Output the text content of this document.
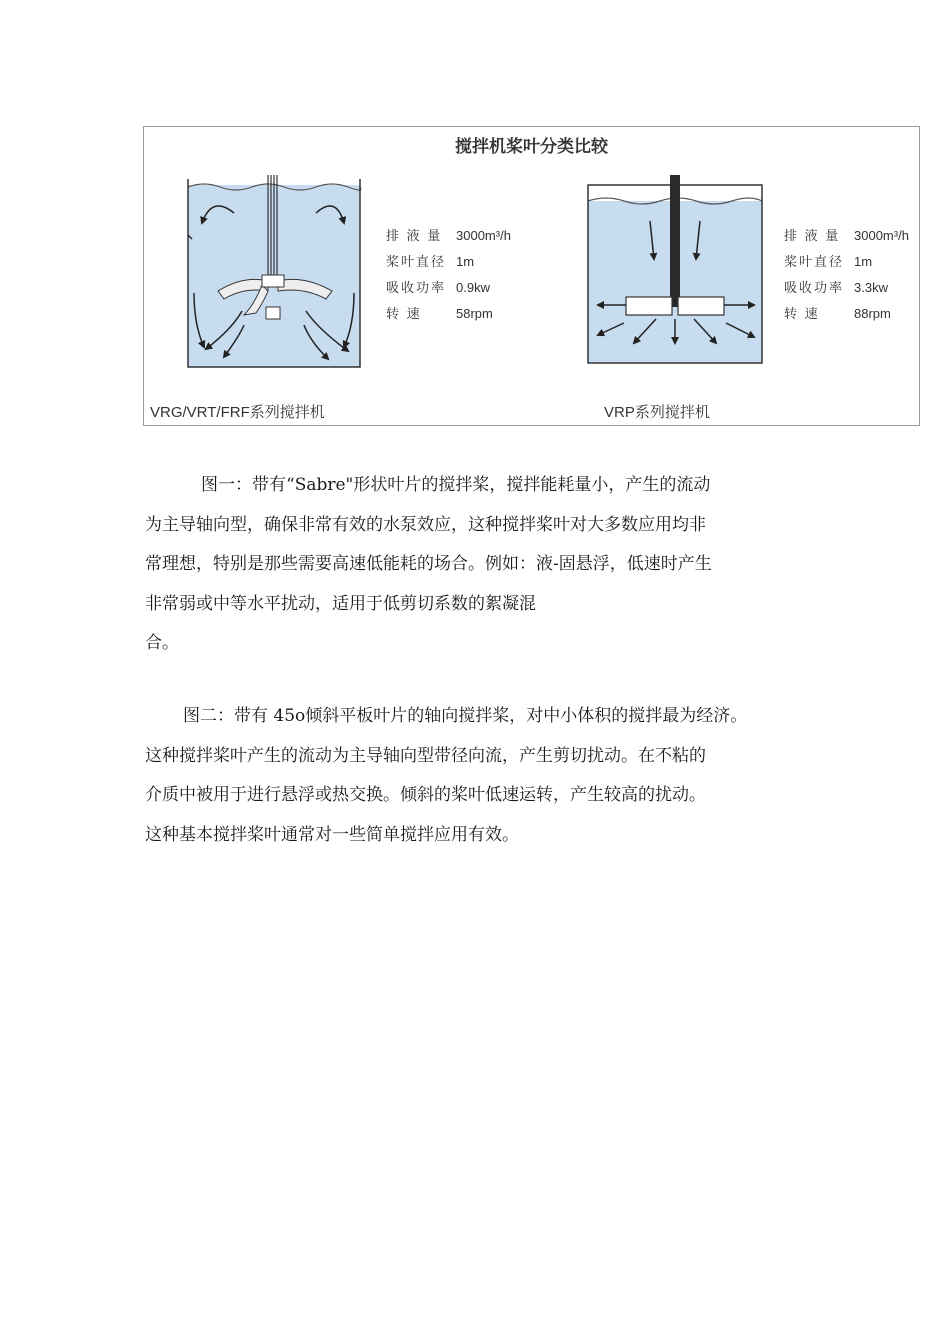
搅拌机桨叶分类比较
排 液 量	3000m³/h
桨叶直径 1m
吸收功率 0.9kw
转 速	58rpm
VRG/VRT/FRF系列搅拌机
排 液 量	3000m³/h
桨叶直径 1m
吸收功率 3.3kw
转 速	88rpm
VRP系列搅拌机

图一：带有“Sabre"形状叶片的搅拌桨，搅拌能耗量小，产生的流动

为主导轴向型，确保非常有效的水泵效应，这种搅拌桨叶对大多数应用均非

常理想，特别是那些需要高速低能耗的场合。例如：液-固悬浮，低速时产生

非常弱或中等水平扰动，适用于低剪切系数的絮凝混

合。

图二：带有 45o倾斜平板叶片的轴向搅拌桨，对中小体积的搅拌最为经济。

这种搅拌桨叶产生的流动为主导轴向型带径向流，产生剪切扰动。在不粘的

介质中被用于进行悬浮或热交换。倾斜的桨叶低速运转，产生较高的扰动。

这种基本搅拌桨叶通常对一些简单搅拌应用有效。
